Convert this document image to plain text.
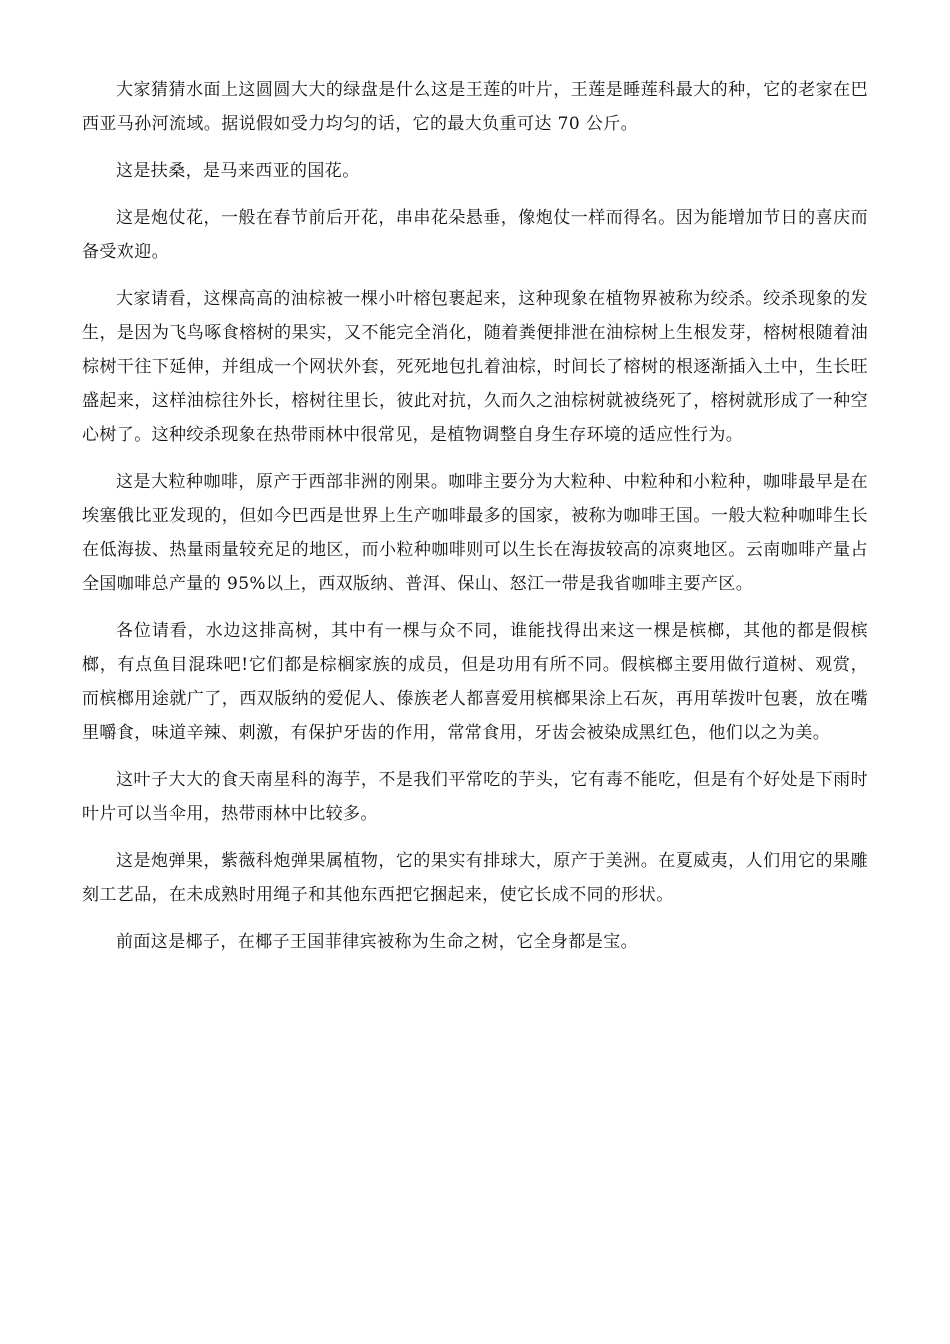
大家猜猜水面上这圆圆大大的绿盘是什么这是王莲的叶片，王莲是睡莲科最大的种，它的老家在巴西亚马孙河流域。据说假如受力均匀的话，它的最大负重可达 70 公斤。

这是扶桑，是马来西亚的国花。

这是炮仗花，一般在春节前后开花，串串花朵悬垂，像炮仗一样而得名。因为能增加节日的喜庆而备受欢迎。

大家请看，这棵高高的油棕被一棵小叶榕包裹起来，这种现象在植物界被称为绞杀。绞杀现象的发生，是因为飞鸟啄食榕树的果实，又不能完全消化，随着粪便排泄在油棕树上生根发芽，榕树根随着油棕树干往下延伸，并组成一个网状外套，死死地包扎着油棕，时间长了榕树的根逐渐插入土中，生长旺盛起来，这样油棕往外长，榕树往里长，彼此对抗，久而久之油棕树就被绕死了，榕树就形成了一种空心树了。这种绞杀现象在热带雨林中很常见，是植物调整自身生存环境的适应性行为。

这是大粒种咖啡，原产于西部非洲的刚果。咖啡主要分为大粒种、中粒种和小粒种，咖啡最早是在埃塞俄比亚发现的，但如今巴西是世界上生产咖啡最多的国家，被称为咖啡王国。一般大粒种咖啡生长在低海拔、热量雨量较充足的地区，而小粒种咖啡则可以生长在海拔较高的凉爽地区。云南咖啡产量占全国咖啡总产量的 95%以上，西双版纳、普洱、保山、怒江一带是我省咖啡主要产区。

各位请看，水边这排高树，其中有一棵与众不同，谁能找得出来这一棵是槟榔，其他的都是假槟榔，有点鱼目混珠吧!它们都是棕榈家族的成员，但是功用有所不同。假槟榔主要用做行道树、观赏，而槟榔用途就广了，西双版纳的爱伲人、傣族老人都喜爱用槟榔果涂上石灰，再用荜拨叶包裹，放在嘴里嚼食，味道辛辣、刺激，有保护牙齿的作用，常常食用，牙齿会被染成黑红色，他们以之为美。

这叶子大大的食天南星科的海芋，不是我们平常吃的芋头，它有毒不能吃，但是有个好处是下雨时叶片可以当伞用，热带雨林中比较多。

这是炮弹果，紫薇科炮弹果属植物，它的果实有排球大，原产于美洲。在夏威夷，人们用它的果雕刻工艺品，在未成熟时用绳子和其他东西把它捆起来，使它长成不同的形状。

前面这是椰子，在椰子王国菲律宾被称为生命之树，它全身都是宝。
